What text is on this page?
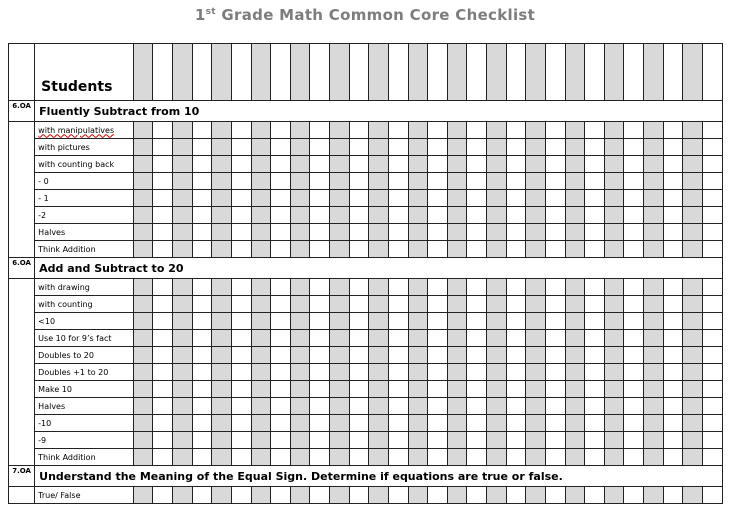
1st Grade Math Common Core Checklist
	Students																														
6.OA	Fluently Subtract from 10																														
	with manipulatives																														
	with pictures																														
	with counting back																														
	- 0																														
	- 1																														
	-2																														
	Halves																														
	Think Addition																														
6.OA	Add and Subtract to 20																														
	with drawing																														
	with counting																														
	<10																														
	Use 10 for 9’s fact																														
	Doubles to 20																														
	Doubles +1 to 20																														
	Make 10																														
	Halves																														
	-10																														
	-9																														
	Think Addition																														
7.OA	Understand the Meaning of the Equal Sign. Determine if equations are true or false.																														
	True/ False																														
